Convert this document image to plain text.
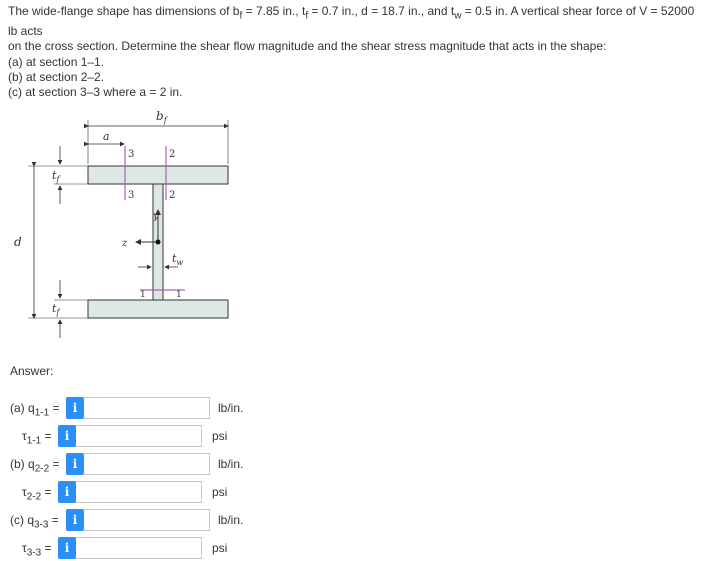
The wide-flange shape has dimensions of $b_f = 7.85$ in., $t_f = 0.7$ in., d = 18.7 in., and $t_w = 0.5$ in. A vertical shear force of V = 52000 lb acts

on the cross section. Determine the shear flow magnitude and the shear stress magnitude that acts in the shape:

(a) at section 1–1.

(b) at section 2–2.

(c) at section 3–3 where a = 2 in.

3
3
2
2
1	1
$b_f$
a
d
$t_f$
$t_f$
$t_w$
y
z
Answer:
(a) $q_{1-1}$ =	i	lb/in.
$\tau_{1-1}$ =	i	psi
(b) $q_{2-2}$ =	i	lb/in.
$\tau_{2-2}$ =	i	psi
(c) $q_{3-3}$ =	i	lb/in.
$\tau_{3-3}$ =	i	psi
